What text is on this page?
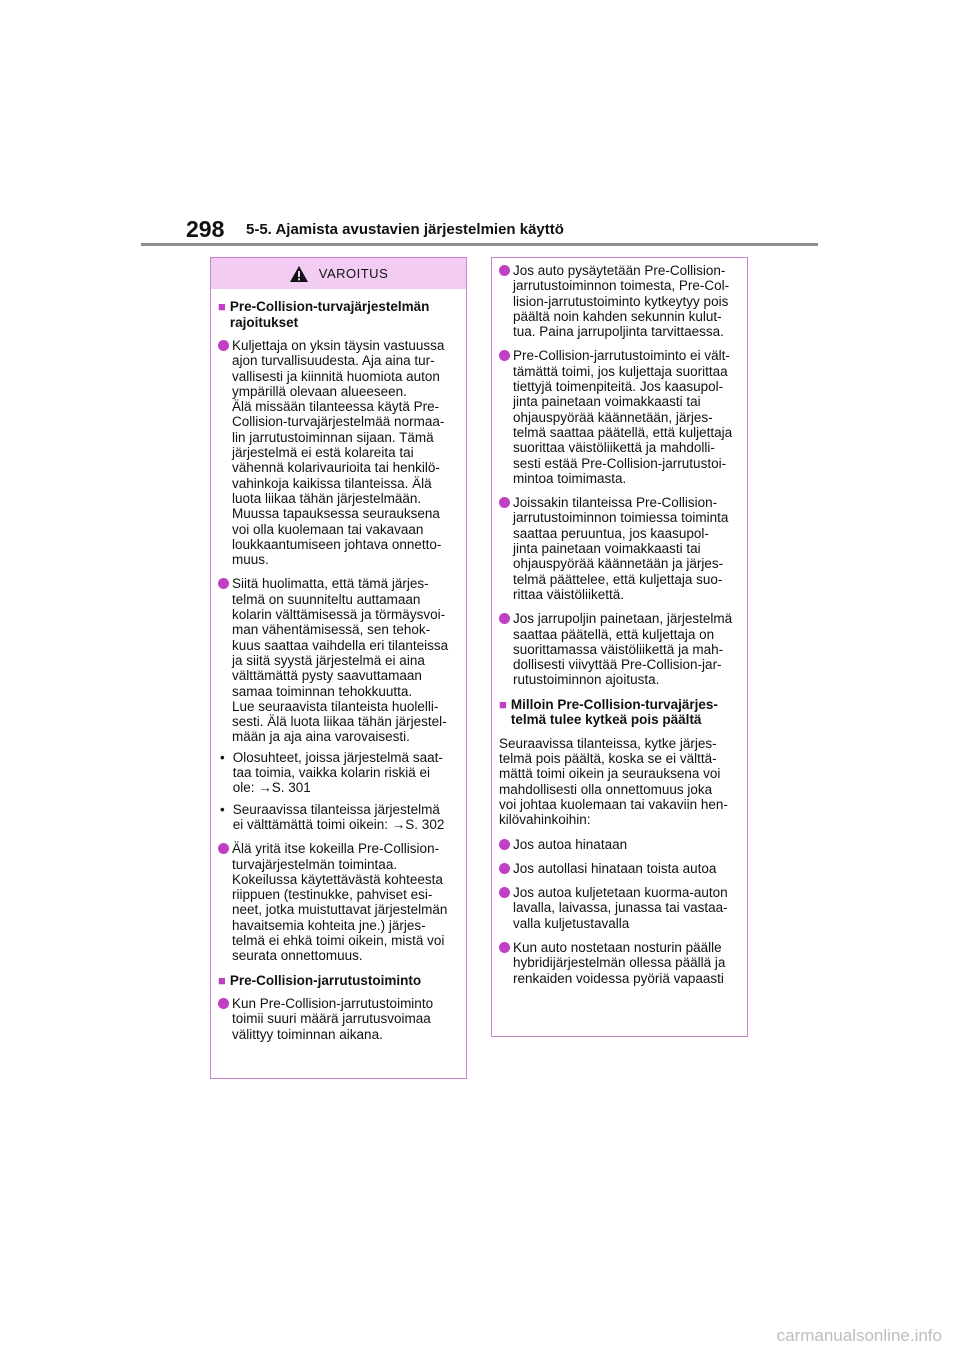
298 5-5. Ajamista avustavien järjestelmien käyttö
VAROITUS
■ Pre-Collision-turvajärjestelmän
rajoitukset
Kuljettaja on yksin täysin vastuussa
ajon turvallisuudesta. Aja aina tur-
vallisesti ja kiinnitä huomiota auton
ympärillä olevaan alueeseen.
Älä missään tilanteessa käytä Pre-
Collision-turvajärjestelmää normaa-
lin jarrutustoiminnan sijaan. Tämä
järjestelmä ei estä kolareita tai
vähennä kolarivaurioita tai henkilö-
vahinkoja kaikissa tilanteissa. Älä
luota liikaa tähän järjestelmään.
Muussa tapauksessa seurauksena
voi olla kuolemaan tai vakavaan
loukkaantumiseen johtava onnetto-
muus.
Siitä huolimatta, että tämä järjes-
telmä on suunniteltu auttamaan
kolarin välttämisessä ja törmäysvoi-
man vähentämisessä, sen tehok-
kuus saattaa vaihdella eri tilanteissa
ja siitä syystä järjestelmä ei aina
välttämättä pysty saavuttamaan
samaa toiminnan tehokkuutta.
Lue seuraavista tilanteista huolelli-
sesti. Älä luota liikaa tähän järjestel-
mään ja aja aina varovaisesti.
• Olosuhteet, joissa järjestelmä saat-
taa toimia, vaikka kolarin riskiä ei
ole: →S. 301
• Seuraavissa tilanteissa järjestelmä
ei välttämättä toimi oikein: →S. 302
Älä yritä itse kokeilla Pre-Collision-
turvajärjestelmän toimintaa.
Kokeilussa käytettävästä kohteesta
riippuen (testinukke, pahviset esi-
neet, jotka muistuttavat järjestelmän
havaitsemia kohteita jne.) järjes-
telmä ei ehkä toimi oikein, mistä voi
seurata onnettomuus.
■ Pre-Collision-jarrutustoiminto
Kun Pre-Collision-jarrutustoiminto
toimii suuri määrä jarrutusvoimaa
välittyy toiminnan aikana.
Jos auto pysäytetään Pre-Collision-
jarrutustoiminnon toimesta, Pre-Col-
lision-jarrutustoiminto kytkeytyy pois
päältä noin kahden sekunnin kulut-
tua. Paina jarrupoljinta tarvittaessa.
Pre-Collision-jarrutustoiminto ei vält-
tämättä toimi, jos kuljettaja suorittaa
tiettyjä toimenpiteitä. Jos kaasupol-
jinta painetaan voimakkaasti tai
ohjauspyörää käännetään, järjes-
telmä saattaa päätellä, että kuljettaja
suorittaa väistöliikettä ja mahdolli-
sesti estää Pre-Collision-jarrutustoi-
mintoa toimimasta.
Joissakin tilanteissa Pre-Collision-
jarrutustoiminnon toimiessa toiminta
saattaa peruuntua, jos kaasupol-
jinta painetaan voimakkaasti tai
ohjauspyörää käännetään ja järjes-
telmä päättelee, että kuljettaja suo-
rittaa väistöliikettä.
Jos jarrupoljin painetaan, järjestelmä
saattaa päätellä, että kuljettaja on
suorittamassa väistöliikettä ja mah-
dollisesti viivyttää Pre-Collision-jar-
rutustoiminnon ajoitusta.
■ Milloin Pre-Collision-turvajärjes-
telmä tulee kytkeä pois päältä
Seuraavissa tilanteissa, kytke järjes-
telmä pois päältä, koska se ei välttä-
mättä toimi oikein ja seurauksena voi
mahdollisesti olla onnettomuus joka
voi johtaa kuolemaan tai vakaviin hen-
kilövahinkoihin:
Jos autoa hinataan
Jos autollasi hinataan toista autoa
Jos autoa kuljetetaan kuorma-auton
lavalla, laivassa, junassa tai vastaa-
valla kuljetustavalla
Kun auto nostetaan nosturin päälle
hybridijärjestelmän ollessa päällä ja
renkaiden voidessa pyöriä vapaasti
carmanualsonline.info
